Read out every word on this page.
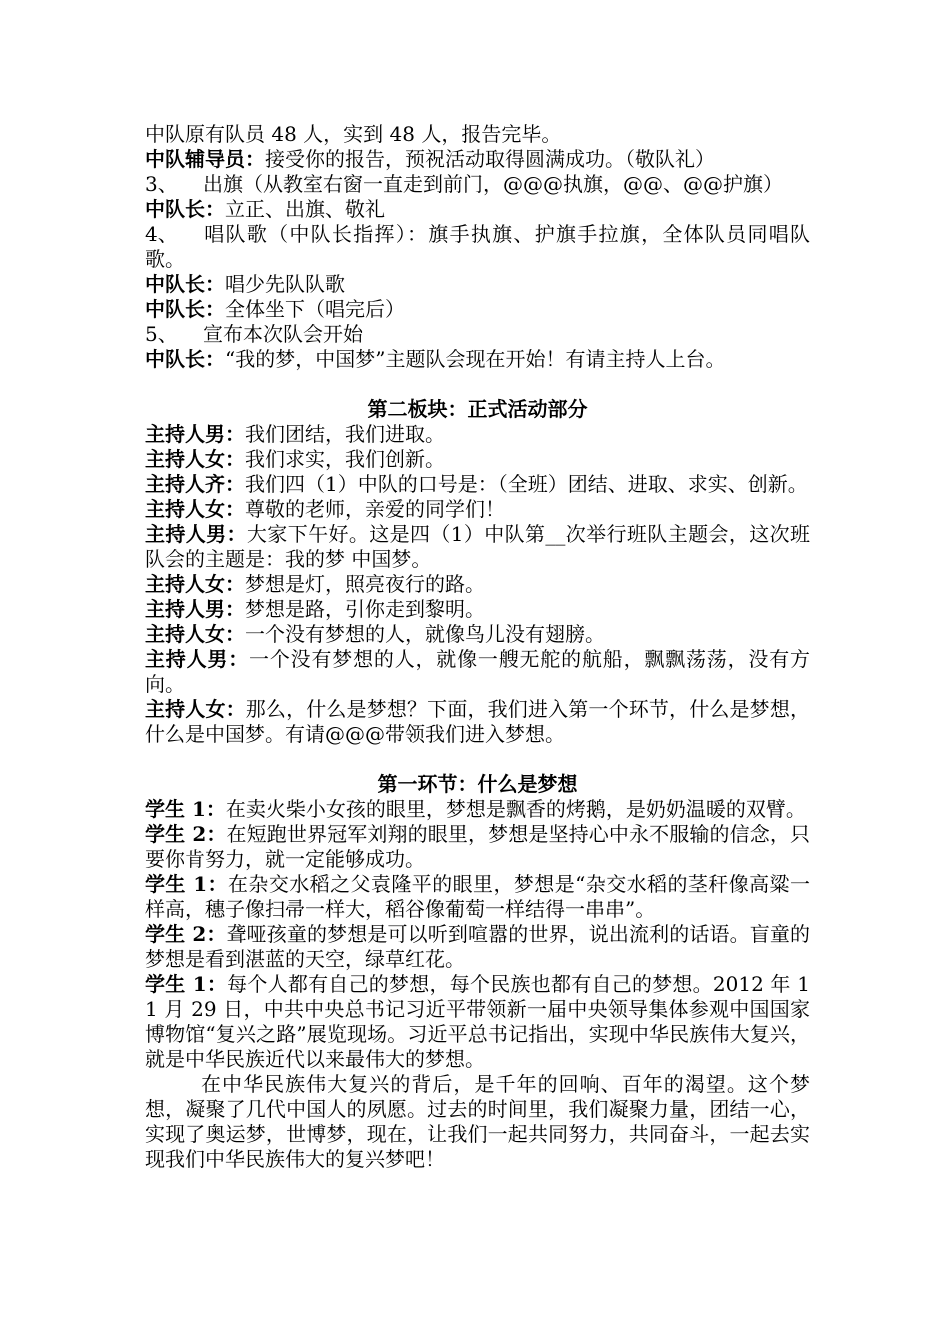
中队原有队员 48 人，实到 48 人，报告完毕。

中队辅导员：接受你的报告，预祝活动取得圆满成功。（敬队礼）

3、 出旗（从教室右窗一直走到前门，@@@执旗，@@、@@护旗）

中队长：立正、出旗、敬礼

4、 唱队歌（中队长指挥）：旗手执旗、护旗手拉旗，全体队员同唱队歌。

中队长：唱少先队队歌

中队长：全体坐下（唱完后）

5、 宣布本次队会开始

中队长：“我的梦，中国梦”主题队会现在开始！有请主持人上台。

第二板块：正式活动部分

主持人男：我们团结，我们进取。

主持人女：我们求实，我们创新。

主持人齐：我们四（1）中队的口号是：（全班）团结、进取、求实、创新。

主持人女：尊敬的老师，亲爱的同学们！

主持人男：大家下午好。这是四（1）中队第__次举行班队主题会，这次班队会的主题是：我的梦 中国梦。

主持人女：梦想是灯，照亮夜行的路。

主持人男：梦想是路，引你走到黎明。

主持人女：一个没有梦想的人，就像鸟儿没有翅膀。

主持人男：一个没有梦想的人，就像一艘无舵的航船，飘飘荡荡，没有方向。

主持人女：那么，什么是梦想？下面，我们进入第一个环节，什么是梦想，什么是中国梦。有请@@@带领我们进入梦想。

第一环节：什么是梦想

学生 1：在卖火柴小女孩的眼里，梦想是飘香的烤鹅，是奶奶温暖的双臂。

学生 2：在短跑世界冠军刘翔的眼里，梦想是坚持心中永不服输的信念，只要你肯努力，就一定能够成功。

学生 1：在杂交水稻之父袁隆平的眼里，梦想是“杂交水稻的茎秆像高粱一样高，穗子像扫帚一样大，稻谷像葡萄一样结得一串串”。

学生 2：聋哑孩童的梦想是可以听到喧嚣的世界，说出流利的话语。盲童的梦想是看到湛蓝的天空，绿草红花。

学生 1：每个人都有自己的梦想，每个民族也都有自己的梦想。2012 年 11 月 29 日，中共中央总书记习近平带领新一届中央领导集体参观中国国家博物馆“复兴之路”展览现场。习近平总书记指出，实现中华民族伟大复兴，就是中华民族近代以来最伟大的梦想。

在中华民族伟大复兴的背后，是千年的回响、百年的渴望。这个梦想，凝聚了几代中国人的夙愿。过去的时间里，我们凝聚力量，团结一心，实现了奥运梦，世博梦，现在，让我们一起共同努力，共同奋斗，一起去实现我们中华民族伟大的复兴梦吧！
